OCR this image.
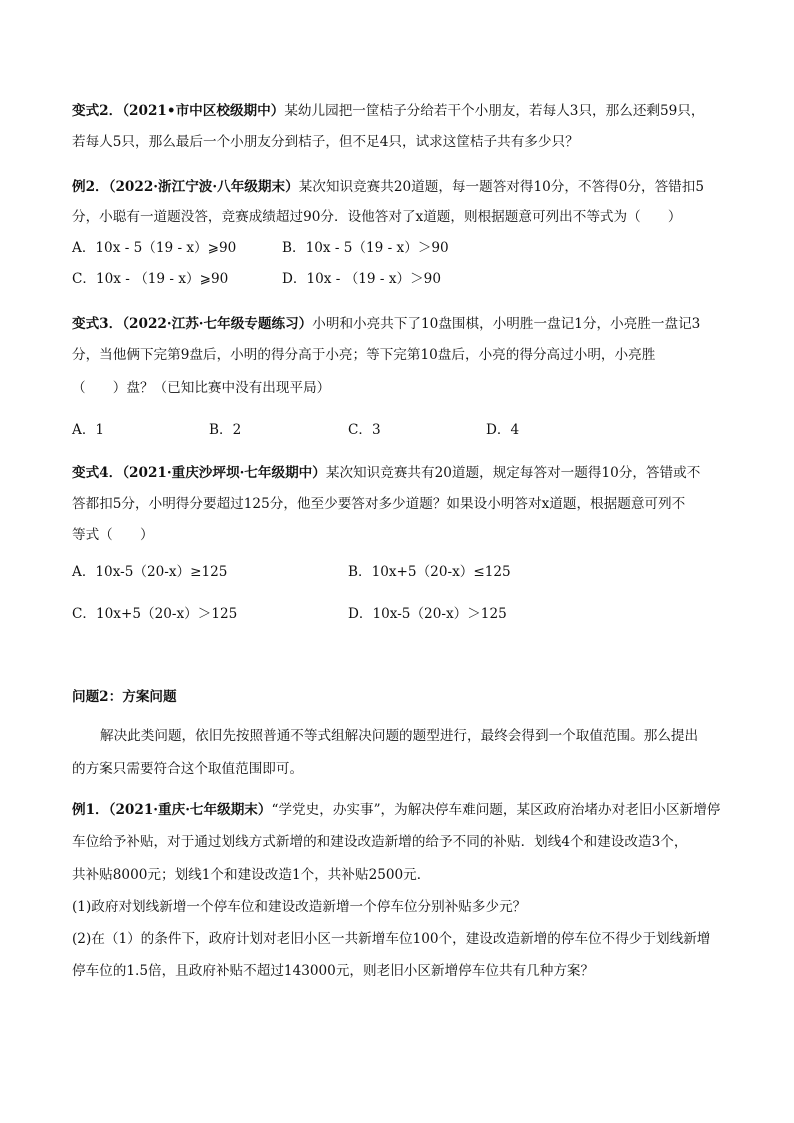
变式2．（2021•市中区校级期中）某幼儿园把一筐桔子分给若干个小朋友，若每人3只，那么还剩59只，
若每人5只，那么最后一个小朋友分到桔子，但不足4只，试求这筐桔子共有多少只？
例2．（2022·浙江宁波·八年级期末）某次知识竞赛共20道题，每一题答对得10分，不答得0分，答错扣5
分，小聪有一道题没答，竞赛成绩超过90分．设他答对了x道题，则根据题意可列出不等式为（　　）
A．10x - 5（19 - x）⩾90	B．10x - 5（19 - x）＞90
C．10x - （19 - x）⩾90	D．10x - （19 - x）＞90
变式3．（2022·江苏·七年级专题练习）小明和小亮共下了10盘围棋，小明胜一盘记1分，小亮胜一盘记3
分，当他俩下完第9盘后，小明的得分高于小亮；等下完第10盘后，小亮的得分高过小明，小亮胜
（　　）盘？（已知比赛中没有出现平局）
A．1	B．2	C．3	D．4
变式4．（2021·重庆沙坪坝·七年级期中）某次知识竞赛共有20道题，规定每答对一题得10分，答错或不
答都扣5分，小明得分要超过125分，他至少要答对多少道题？如果设小明答对x道题，根据题意可列不
等式（　　）
A．10x-5（20-x）≥125	B．10x+5（20-x）≤125
C．10x+5（20-x）＞125	D．10x-5（20-x）＞125
问题2：方案问题
解决此类问题，依旧先按照普通不等式组解决问题的题型进行，最终会得到一个取值范围。那么提出
的方案只需要符合这个取值范围即可。
例1．（2021·重庆·七年级期末）“学党史，办实事”，为解决停车难问题，某区政府治堵办对老旧小区新增停
车位给予补贴，对于通过划线方式新增的和建设改造新增的给予不同的补贴．划线4个和建设改造3个，
共补贴8000元；划线1个和建设改造1个，共补贴2500元．
(1)政府对划线新增一个停车位和建设改造新增一个停车位分别补贴多少元？
(2)在（1）的条件下，政府计划对老旧小区一共新增车位100个，建设改造新增的停车位不得少于划线新增
停车位的1.5倍，且政府补贴不超过143000元，则老旧小区新增停车位共有几种方案？
